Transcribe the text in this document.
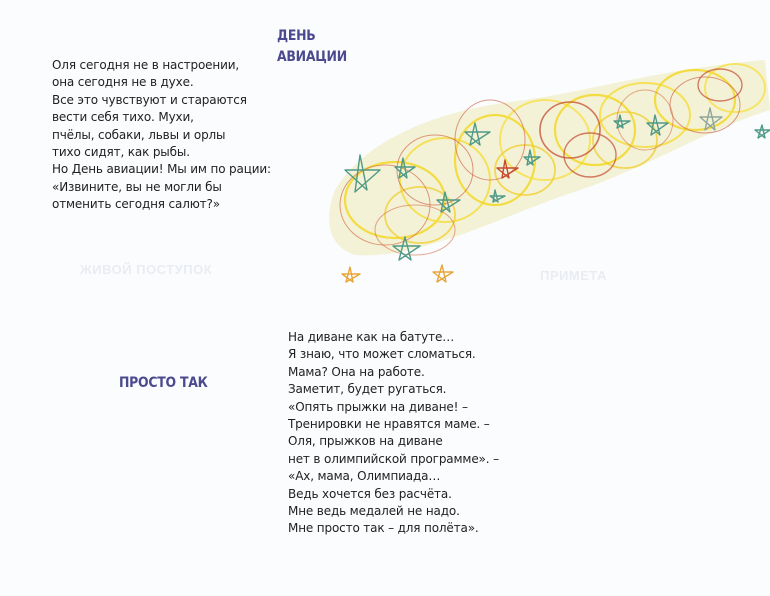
ЖИВОЙ ПОСТУПОК	ПРИМЕТА
ДЕНЬ
АВИАЦИИ
Оля сегодня не в настроении,
она сегодня не в духе.
Все это чувствуют и стараются
вести себя тихо. Мухи,
пчёлы, собаки, львы и орлы
тихо сидят, как рыбы.
Но День авиации! Мы им по рации:
«Извините, вы не могли бы
отменить сегодня салют?»
ПРОСТО ТАК
На диване как на батуте…
Я знаю, что может сломаться.
Мама? Она на работе.
Заметит, будет ругаться.
«Опять прыжки на диване! –
Тренировки не нравятся маме. –
Оля, прыжков на диване
нет в олимпийской программе». –
«Ах, мама, Олимпиада…
Ведь хочется без расчёта.
Мне ведь медалей не надо.
Мне просто так – для полёта».
